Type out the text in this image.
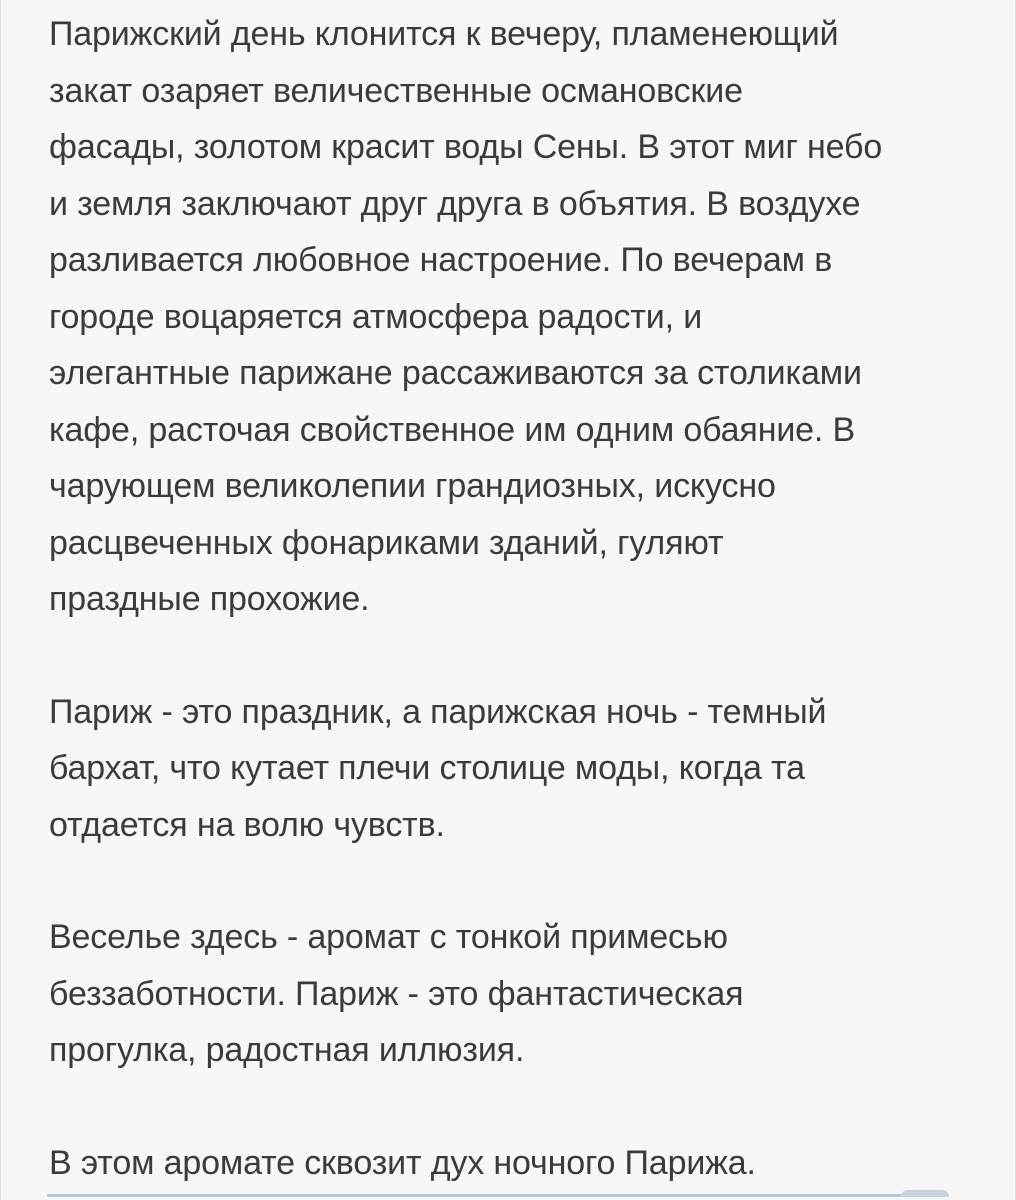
Парижский день клонится к вечеру, пламенеющий
закат озаряет величественные османовские
фасады, золотом красит воды Сены. В этот миг небо
и земля заключают друг друга в объятия. В воздухе
разливается любовное настроение. По вечерам в
городе воцаряется атмосфера радости, и
элегантные парижане рассаживаются за столиками
кафе, расточая свойственное им одним обаяние. В
чарующем великолепии грандиозных, искусно
расцвеченных фонариками зданий, гуляют
праздные прохожие.

Париж - это праздник, а парижская ночь - темный
бархат, что кутает плечи столице моды, когда та
отдается на волю чувств.

Веселье здесь - аромат с тонкой примесью
беззаботности. Париж - это фантастическая
прогулка, радостная иллюзия.

В этом аромате сквозит дух ночного Парижа.
